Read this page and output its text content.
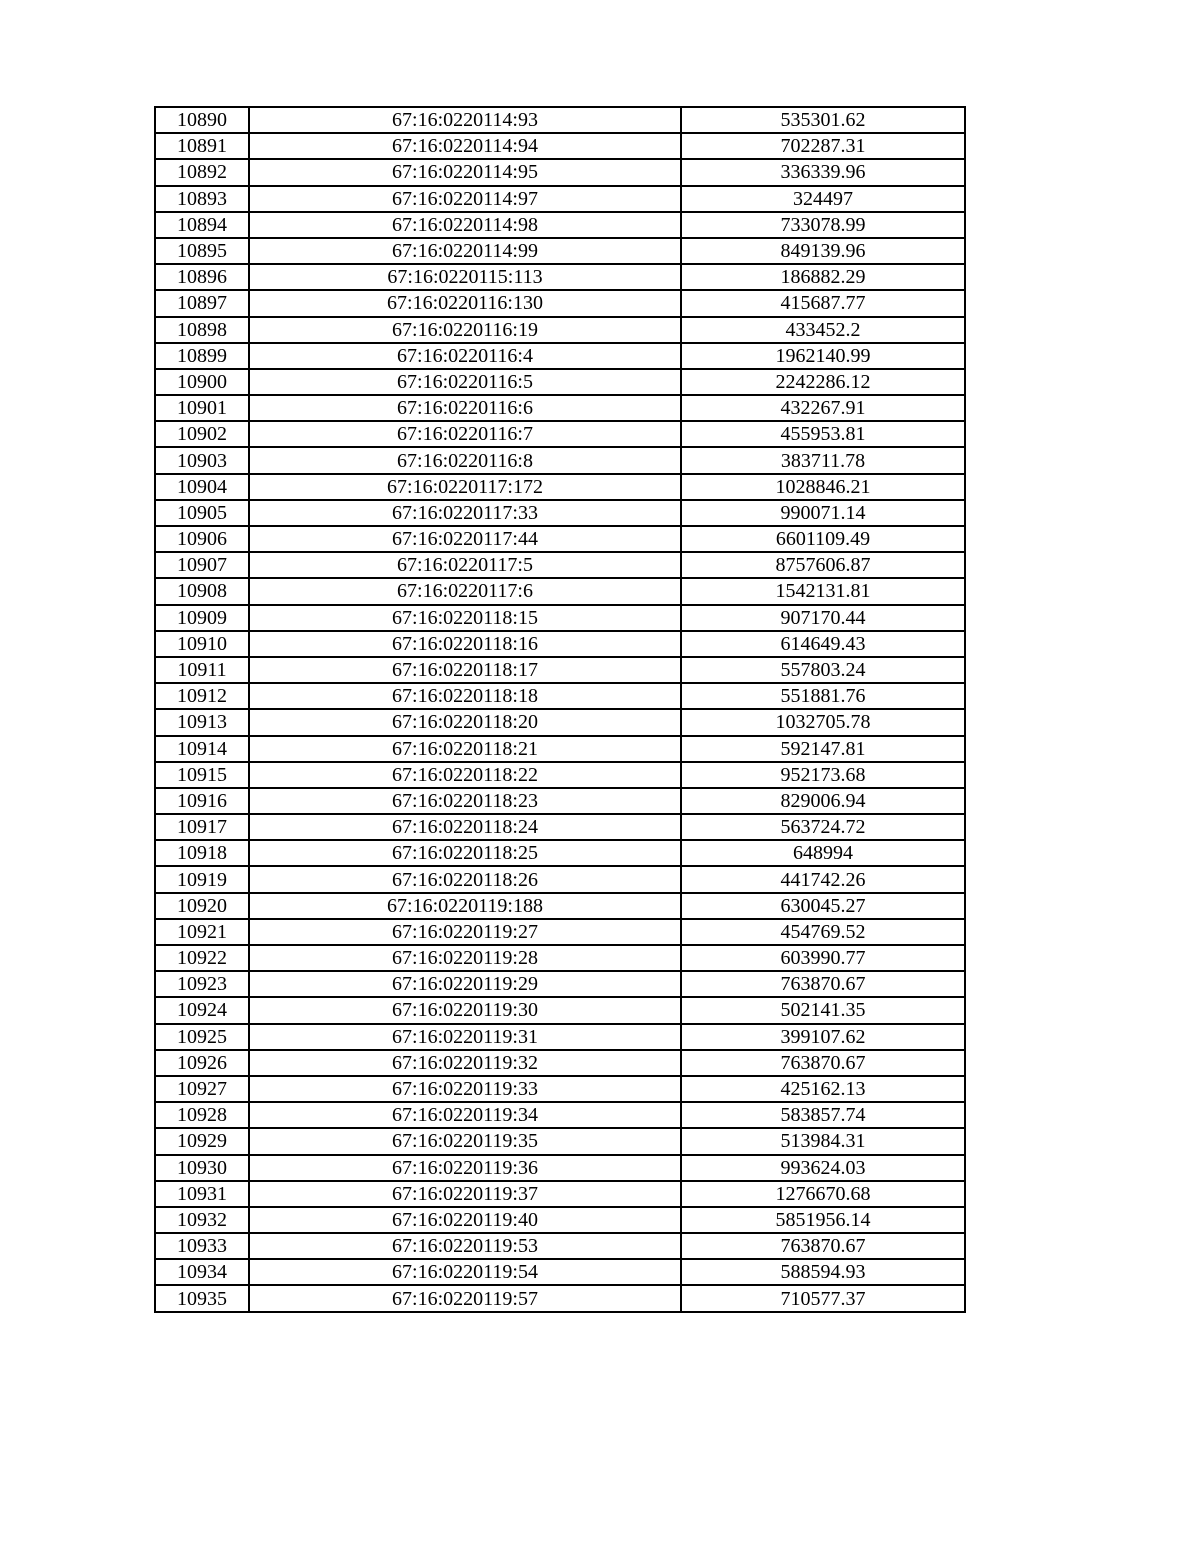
10890	67:16:0220114:93	535301.62
10891	67:16:0220114:94	702287.31
10892	67:16:0220114:95	336339.96
10893	67:16:0220114:97	324497
10894	67:16:0220114:98	733078.99
10895	67:16:0220114:99	849139.96
10896	67:16:0220115:113	186882.29
10897	67:16:0220116:130	415687.77
10898	67:16:0220116:19	433452.2
10899	67:16:0220116:4	1962140.99
10900	67:16:0220116:5	2242286.12
10901	67:16:0220116:6	432267.91
10902	67:16:0220116:7	455953.81
10903	67:16:0220116:8	383711.78
10904	67:16:0220117:172	1028846.21
10905	67:16:0220117:33	990071.14
10906	67:16:0220117:44	6601109.49
10907	67:16:0220117:5	8757606.87
10908	67:16:0220117:6	1542131.81
10909	67:16:0220118:15	907170.44
10910	67:16:0220118:16	614649.43
10911	67:16:0220118:17	557803.24
10912	67:16:0220118:18	551881.76
10913	67:16:0220118:20	1032705.78
10914	67:16:0220118:21	592147.81
10915	67:16:0220118:22	952173.68
10916	67:16:0220118:23	829006.94
10917	67:16:0220118:24	563724.72
10918	67:16:0220118:25	648994
10919	67:16:0220118:26	441742.26
10920	67:16:0220119:188	630045.27
10921	67:16:0220119:27	454769.52
10922	67:16:0220119:28	603990.77
10923	67:16:0220119:29	763870.67
10924	67:16:0220119:30	502141.35
10925	67:16:0220119:31	399107.62
10926	67:16:0220119:32	763870.67
10927	67:16:0220119:33	425162.13
10928	67:16:0220119:34	583857.74
10929	67:16:0220119:35	513984.31
10930	67:16:0220119:36	993624.03
10931	67:16:0220119:37	1276670.68
10932	67:16:0220119:40	5851956.14
10933	67:16:0220119:53	763870.67
10934	67:16:0220119:54	588594.93
10935	67:16:0220119:57	710577.37
